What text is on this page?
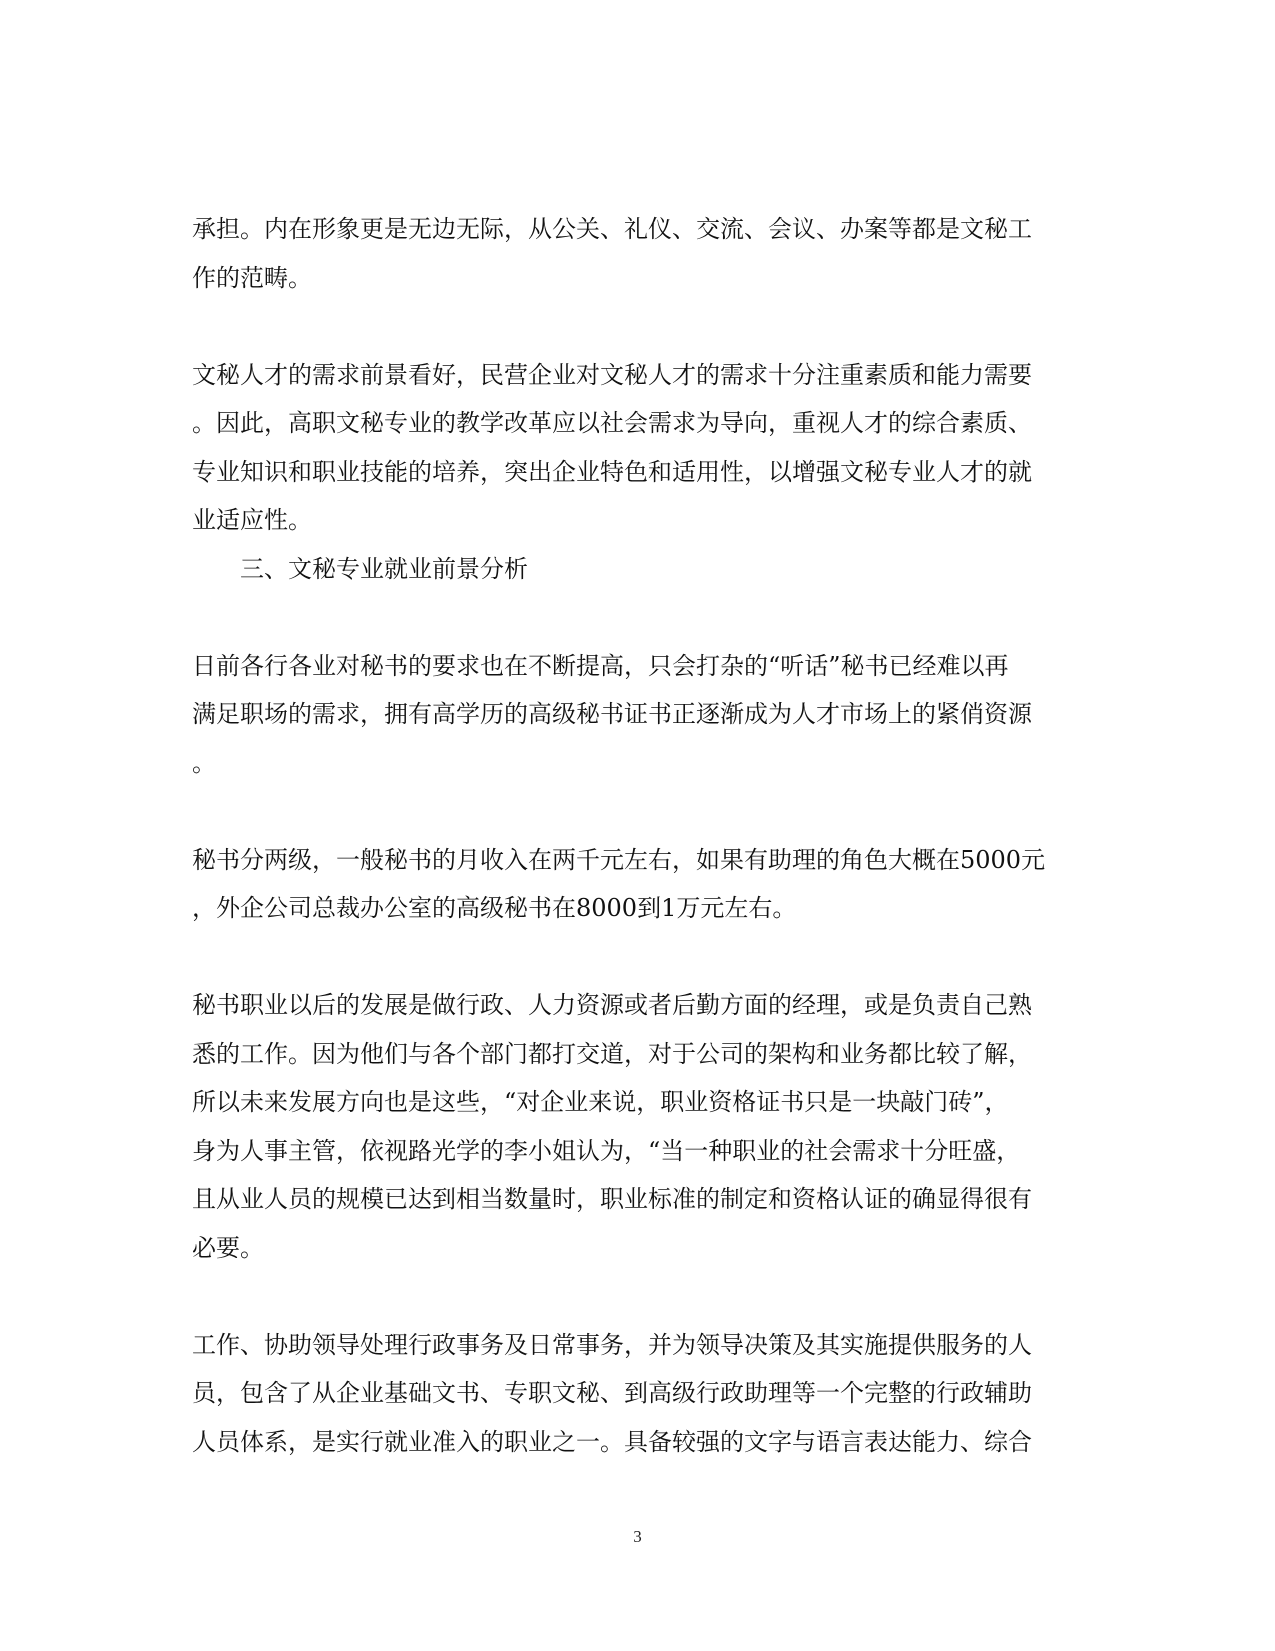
承担。内在形象更是无边无际，从公关、礼仪、交流、会议、办案等都是文秘工
作的范畴。

文秘人才的需求前景看好，民营企业对文秘人才的需求十分注重素质和能力需要
。因此，高职文秘专业的教学改革应以社会需求为导向，重视人才的综合素质、
专业知识和职业技能的培养，突出企业特色和适用性，以增强文秘专业人才的就
业适应性。

三、文秘专业就业前景分析

日前各行各业对秘书的要求也在不断提高，只会打杂的“听话”秘书已经难以再
满足职场的需求，拥有高学历的高级秘书证书正逐渐成为人才市场上的紧俏资源
。

秘书分两级，一般秘书的月收入在两千元左右，如果有助理的角色大概在5000元
，外企公司总裁办公室的高级秘书在8000到1万元左右。

秘书职业以后的发展是做行政、人力资源或者后勤方面的经理，或是负责自己熟
悉的工作。因为他们与各个部门都打交道，对于公司的架构和业务都比较了解，
所以未来发展方向也是这些，“对企业来说，职业资格证书只是一块敲门砖”，
身为人事主管，依视路光学的李小姐认为，“当一种职业的社会需求十分旺盛，
且从业人员的规模已达到相当数量时，职业标准的制定和资格认证的确显得很有
必要。

工作、协助领导处理行政事务及日常事务，并为领导决策及其实施提供服务的人
员，包含了从企业基础文书、专职文秘、到高级行政助理等一个完整的行政辅助
人员体系，是实行就业准入的职业之一。具备较强的文字与语言表达能力、综合

3
